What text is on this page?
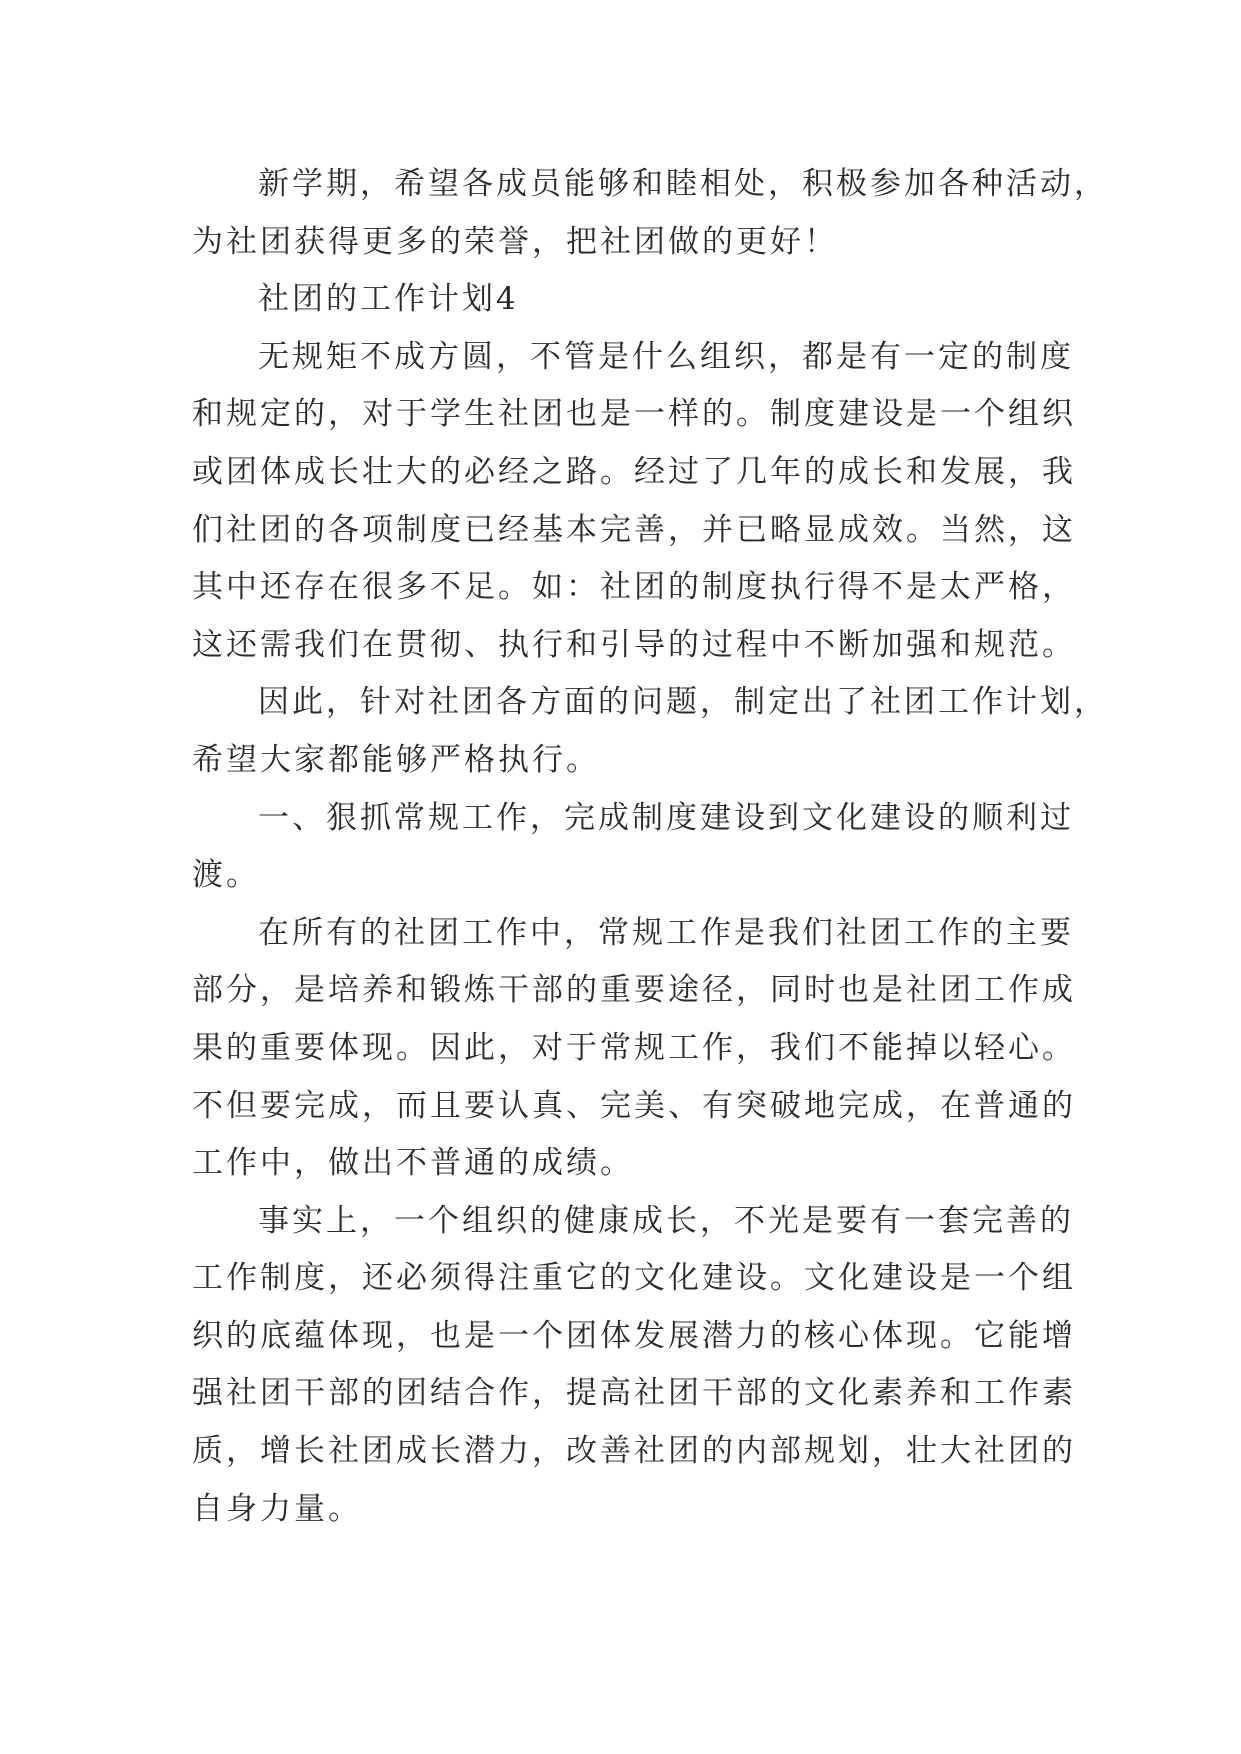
新学期，希望各成员能够和睦相处，积极参加各种活动，
为社团获得更多的荣誉，把社团做的更好！

社团的工作计划4

无规矩不成方圆，不管是什么组织，都是有一定的制度
和规定的，对于学生社团也是一样的。制度建设是一个组织
或团体成长壮大的必经之路。经过了几年的成长和发展，我
们社团的各项制度已经基本完善，并已略显成效。当然，这
其中还存在很多不足。如：社团的制度执行得不是太严格，
这还需我们在贯彻、执行和引导的过程中不断加强和规范。

因此，针对社团各方面的问题，制定出了社团工作计划，
希望大家都能够严格执行。

一、狠抓常规工作，完成制度建设到文化建设的顺利过
渡。

在所有的社团工作中，常规工作是我们社团工作的主要
部分，是培养和锻炼干部的重要途径，同时也是社团工作成
果的重要体现。因此，对于常规工作，我们不能掉以轻心。
不但要完成，而且要认真、完美、有突破地完成，在普通的
工作中，做出不普通的成绩。

事实上，一个组织的健康成长，不光是要有一套完善的
工作制度，还必须得注重它的文化建设。文化建设是一个组
织的底蕴体现，也是一个团体发展潜力的核心体现。它能增
强社团干部的团结合作，提高社团干部的文化素养和工作素
质，增长社团成长潜力，改善社团的内部规划，壮大社团的
自身力量。
